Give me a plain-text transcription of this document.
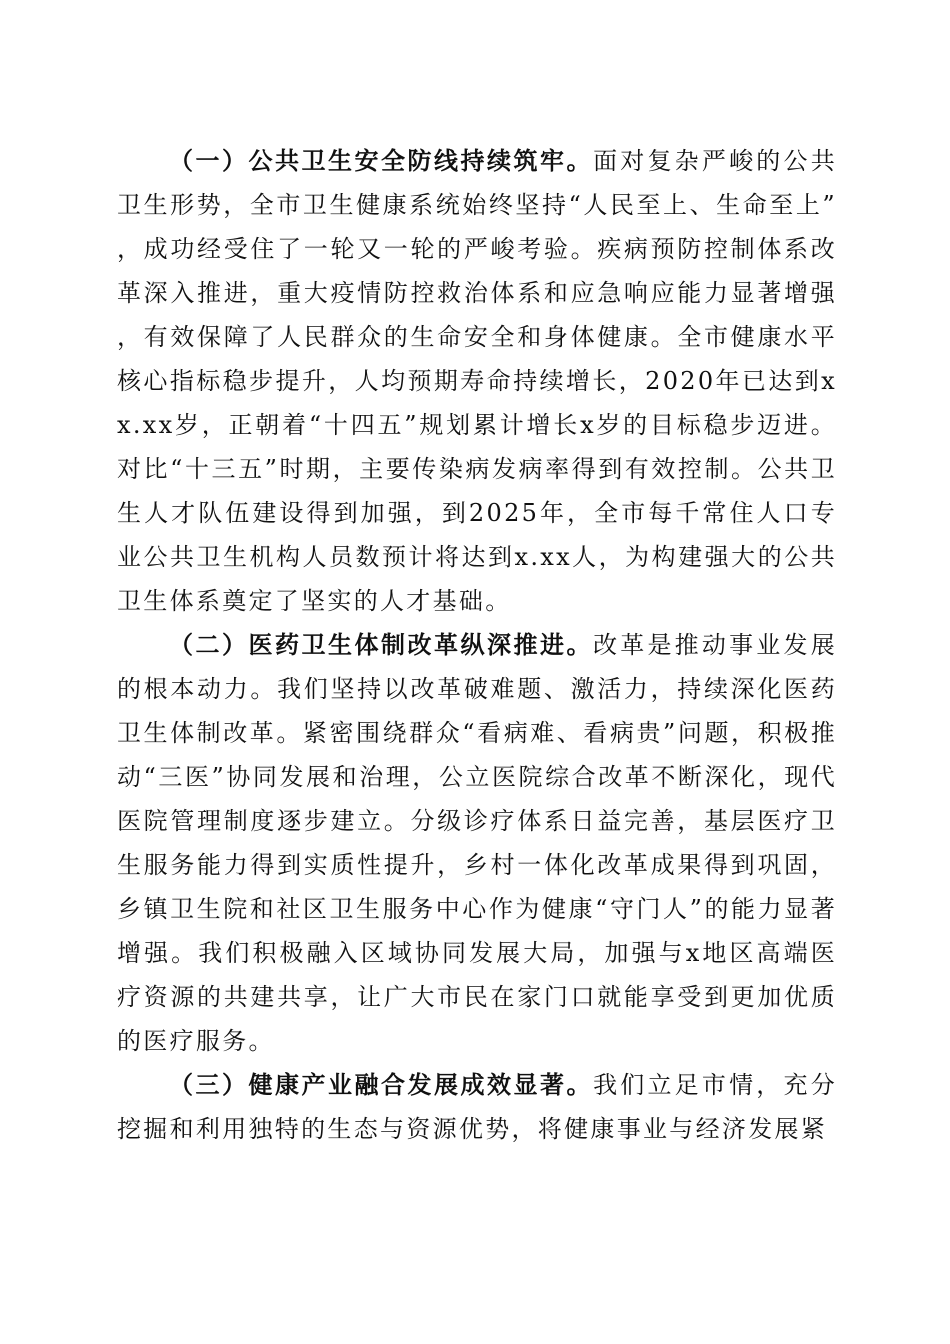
（一）公共卫生安全防线持续筑牢。面对复杂严峻的公共卫生形势，全市卫生健康系统始终坚持“人民至上、生命至上”，成功经受住了一轮又一轮的严峻考验。疾病预防控制体系改革深入推进，重大疫情防控救治体系和应急响应能力显著增强，有效保障了人民群众的生命安全和身体健康。全市健康水平核心指标稳步提升，人均预期寿命持续增长，2020年已达到xx.xx岁，正朝着“十四五”规划累计增长x岁的目标稳步迈进。对比“十三五”时期，主要传染病发病率得到有效控制。公共卫生人才队伍建设得到加强，到2025年，全市每千常住人口专业公共卫生机构人员数预计将达到x.xx人，为构建强大的公共卫生体系奠定了坚实的人才基础。

（二）医药卫生体制改革纵深推进。改革是推动事业发展的根本动力。我们坚持以改革破难题、激活力，持续深化医药卫生体制改革。紧密围绕群众“看病难、看病贵”问题，积极推动“三医”协同发展和治理，公立医院综合改革不断深化，现代医院管理制度逐步建立。分级诊疗体系日益完善，基层医疗卫生服务能力得到实质性提升，乡村一体化改革成果得到巩固，乡镇卫生院和社区卫生服务中心作为健康“守门人”的能力显著增强。我们积极融入区域协同发展大局，加强与x地区高端医疗资源的共建共享，让广大市民在家门口就能享受到更加优质的医疗服务。

（三）健康产业融合发展成效显著。我们立足市情，充分挖掘和利用独特的生态与资源优势，将健康事业与经济发展紧
